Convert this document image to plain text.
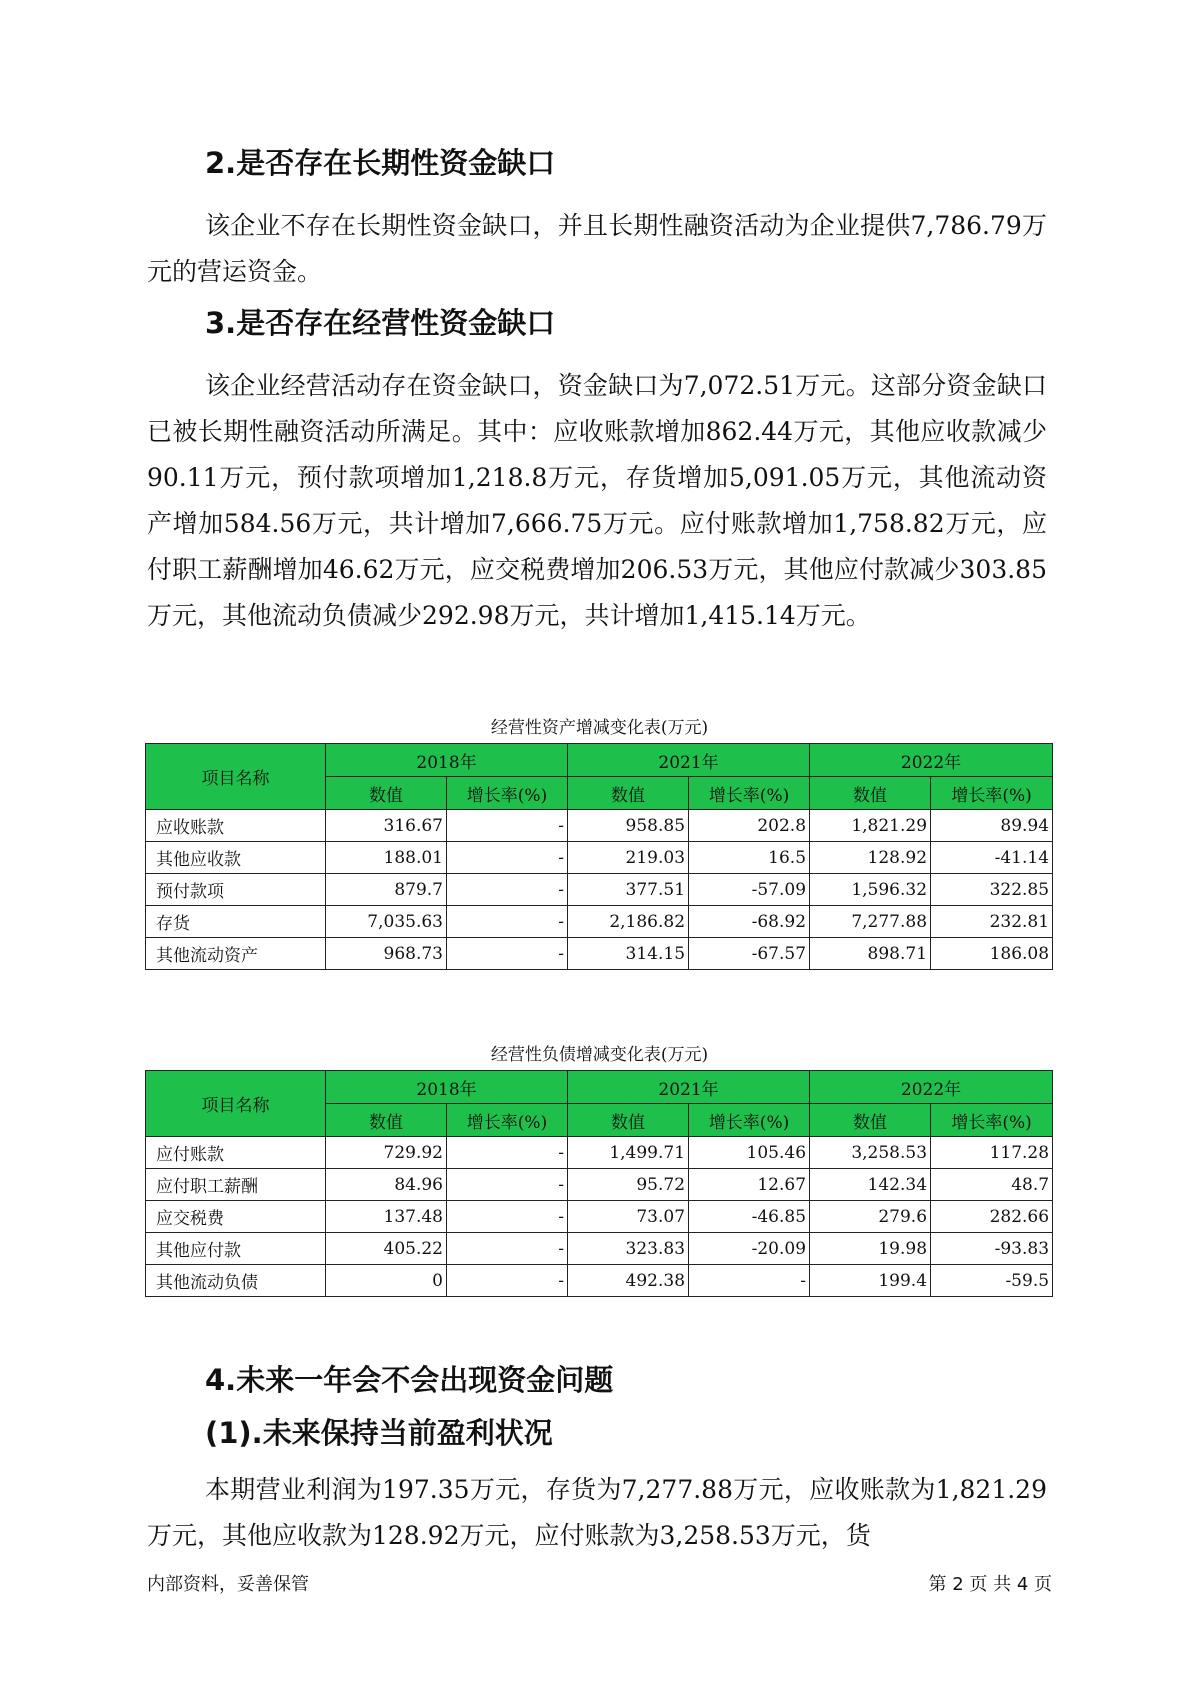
2.是否存在长期性资金缺口

该企业不存在长期性资金缺口，并且长期性融资活动为企业提供7,786.79万元的营运资金。

3.是否存在经营性资金缺口

该企业经营活动存在资金缺口，资金缺口为7,072.51万元。这部分资金缺口已被长期性融资活动所满足。其中：应收账款增加862.44万元，其他应收款减少90.11万元，预付款项增加1,218.8万元，存货增加5,091.05万元，其他流动资产增加584.56万元，共计增加7,666.75万元。应付账款增加1,758.82万元，应付职工薪酬增加46.62万元，应交税费增加206.53万元，其他应付款减少303.85万元，其他流动负债减少292.98万元，共计增加1,415.14万元。

经营性资产增减变化表(万元)
项目名称	2018年		2021年		2022年	
	数值	增长率(%)	数值	增长率(%)	数值	增长率(%)
应收账款	316.67	-	958.85	202.8	1,821.29	89.94
其他应收款	188.01	-	219.03	16.5	128.92	-41.14
预付款项	879.7	-	377.51	-57.09	1,596.32	322.85
存货	7,035.63	-	2,186.82	-68.92	7,277.88	232.81
其他流动资产	968.73	-	314.15	-67.57	898.71	186.08
经营性负债增减变化表(万元)
项目名称	2018年		2021年		2022年	
	数值	增长率(%)	数值	增长率(%)	数值	增长率(%)
应付账款	729.92	-	1,499.71	105.46	3,258.53	117.28
应付职工薪酬	84.96	-	95.72	12.67	142.34	48.7
应交税费	137.48	-	73.07	-46.85	279.6	282.66
其他应付款	405.22	-	323.83	-20.09	19.98	-93.83
其他流动负债	0	-	492.38	-	199.4	-59.5
4.未来一年会不会出现资金问题
(1).未来保持当前盈利状况

本期营业利润为197.35万元，存货为7,277.88万元，应收账款为1,821.29万元，其他应收款为128.92万元，应付账款为3,258.53万元，货

内部资料，妥善保管	第 2 页 共 4 页
